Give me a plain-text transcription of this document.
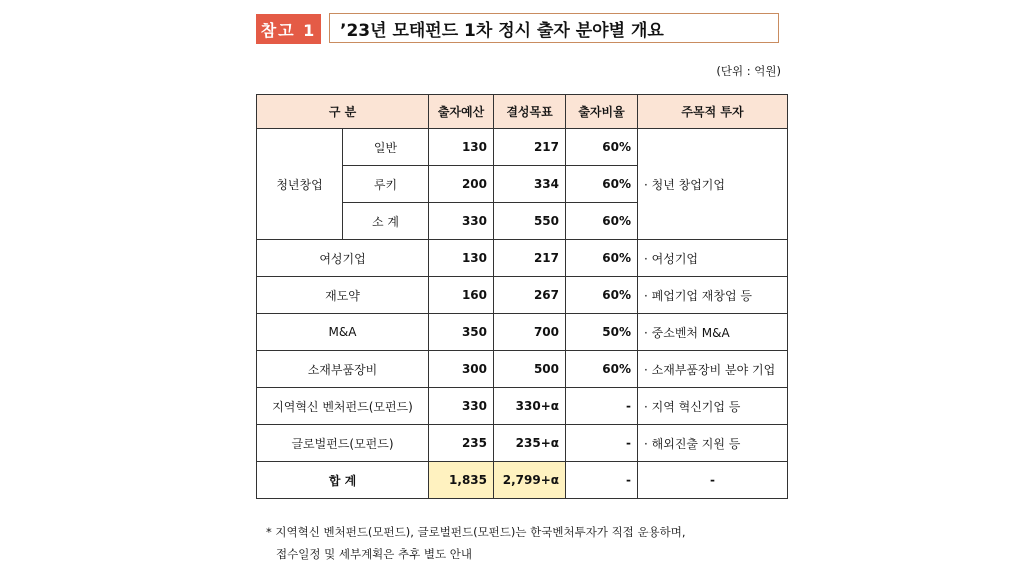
참고 1 ’23년 모태펀드 1차 정시 출자 분야별 개요
(단위 : 억원)
구 분		출자예산	결성목표	출자비율	주목적 투자
청년창업	일반	130	217	60%	· 청년 창업기업
	루키	200	334	60%	
	소 계	330	550	60%	
여성기업		130	217	60%	· 여성기업
재도약		160	267	60%	· 폐업기업 재창업 등
M&A		350	700	50%	· 중소벤처 M&A
소재부품장비		300	500	60%	· 소재부품장비 분야 기업
지역혁신 벤처펀드(모펀드)		330	330+α	-	· 지역 혁신기업 등
글로벌펀드(모펀드)		235	235+α	-	· 해외진출 지원 등
합 계		1,835	2,799+α	-	-
* 지역혁신 벤처펀드(모펀드), 글로벌펀드(모펀드)는 한국벤처투자가 직접 운용하며,
접수일정 및 세부계획은 추후 별도 안내
